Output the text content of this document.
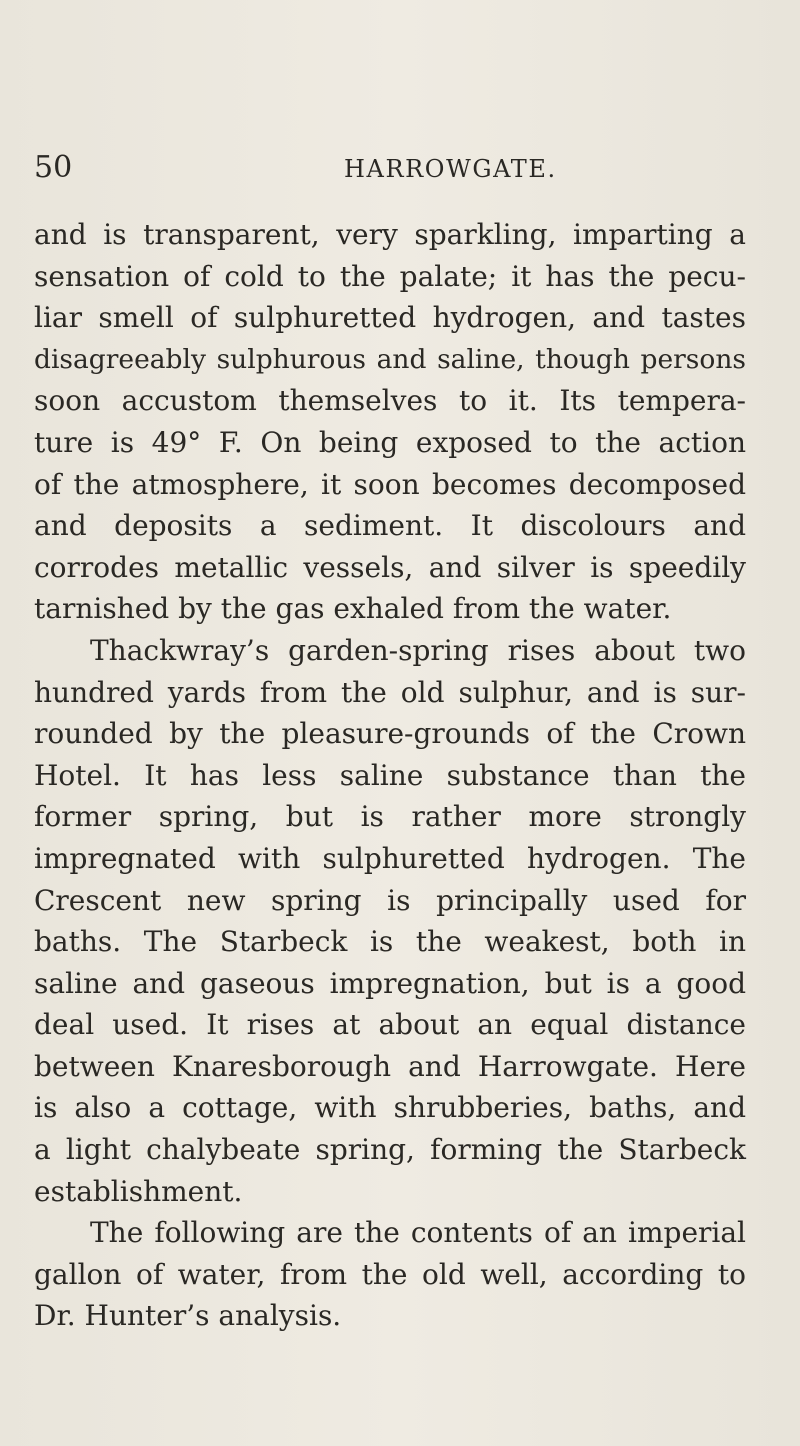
50	HARROWGATE.
and is transparent, very sparkling, imparting a
sensation of cold to the palate; it has the pecu-
liar smell of sulphuretted hydrogen, and tastes
disagreeably sulphurous and saline, though persons
soon accustom themselves to it. Its tempera-
ture is 49° F. On being exposed to the action
of the atmosphere, it soon becomes decomposed
and deposits a sediment. It discolours and
corrodes metallic vessels, and silver is speedily
tarnished by the gas exhaled from the water.
Thackwray’s garden-spring rises about two
hundred yards from the old sulphur, and is sur-
rounded by the pleasure-grounds of the Crown
Hotel. It has less saline substance than the
former spring, but is rather more strongly
impregnated with sulphuretted hydrogen. The
Crescent new spring is principally used for
baths. The Starbeck is the weakest, both in
saline and gaseous impregnation, but is a good
deal used. It rises at about an equal distance
between Knaresborough and Harrowgate. Here
is also a cottage, with shrubberies, baths, and
a light chalybeate spring, forming the Starbeck
establishment.
The following are the contents of an imperial
gallon of water, from the old well, according to
Dr. Hunter’s analysis.
